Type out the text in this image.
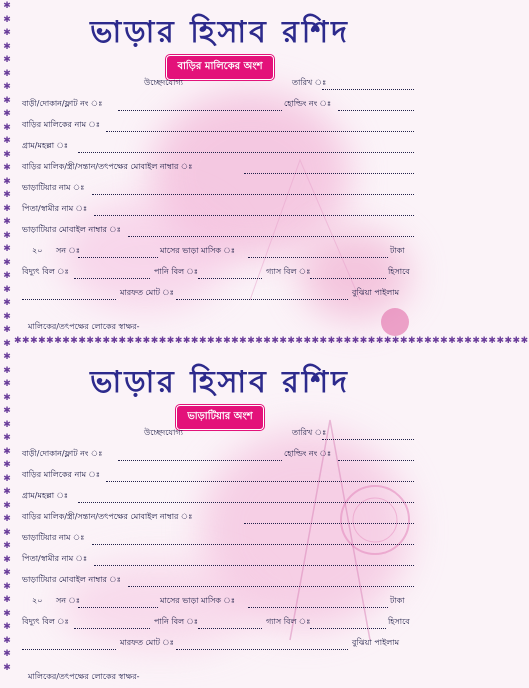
✱
✱
✱
✱
✱
✱
✱
✱
✱
✱
✱
✱
✱
✱
✱
✱
✱
✱
✱
✱
✱
✱
✱
✱
✱
✱
✱
✱
✱
✱
✱
✱
✱
✱
✱
✱
✱
✱
✱
✱
✱
✱
✱
✱
✱
✱
✱
✱
✱
✱
✱✱✱✱✱✱✱✱✱✱✱✱✱✱✱✱✱✱✱✱✱✱✱✱✱✱✱✱✱✱✱✱✱✱✱✱✱✱✱✱✱✱✱✱✱✱✱✱✱✱✱✱✱✱✱✱✱✱✱✱✱✱✱✱
ভাড়ার হিসাব রশিদ
বাড়ির মালিকের অংশ
উচ্ছেদযোগ্য	তারিখ ঃ
বাড়ী/দোকান/ফ্লাট নং ঃ	হোল্ডিং নং ঃ
বাড়ির মালিকের নাম ঃ
গ্রাম/মহল্লা ঃ
বাড়ির মালিক/স্ত্রী/সন্তান/তৎপক্ষের মোবাইল নাম্বার ঃ
ভাড়াটিয়ার নাম ঃ
পিতা/স্বামীর নাম ঃ
ভাড়াটিয়ার মোবাইল নাম্বার ঃ
২০ সন ঃ	মাসের ভাড়া মাসিক ঃ	টাকা
বিদ্যুৎ বিল ঃ	পানি বিল ঃ	গ্যাস বিল ঃ	হিসাবে
মারফত মোট ঃ	বুঝিয়া পাইলাম
মালিকের/তৎপক্ষের লোকের স্বাক্ষর-
ভাড়ার হিসাব রশিদ
ভাড়াটিয়ার অংশ
উচ্ছেদযোগ্য	তারিখ ঃ
বাড়ী/দোকান/ফ্লাট নং ঃ	হোল্ডিং নং ঃ
বাড়ির মালিকের নাম ঃ
গ্রাম/মহল্লা ঃ
বাড়ির মালিক/স্ত্রী/সন্তান/তৎপক্ষের মোবাইল নাম্বার ঃ
ভাড়াটিয়ার নাম ঃ
পিতা/স্বামীর নাম ঃ
ভাড়াটিয়ার মোবাইল নাম্বার ঃ
২০ সন ঃ	মাসের ভাড়া মাসিক ঃ	টাকা
বিদ্যুৎ বিল ঃ	পানি বিল ঃ	গ্যাস বিল ঃ	হিসাবে
মারফত মোট ঃ	বুঝিয়া পাইলাম
মালিকের/তৎপক্ষের লোকের স্বাক্ষর-
